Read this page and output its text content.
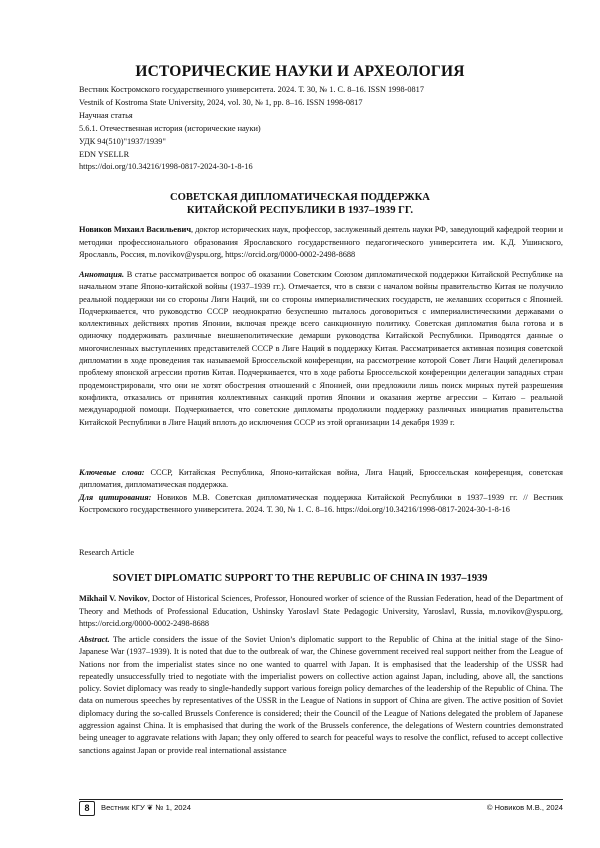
ИСТОРИЧЕСКИЕ НАУКИ И АРХЕОЛОГИЯ
Вестник Костромского государственного университета. 2024. Т. 30, № 1. С. 8–16. ISSN 1998-0817
Vestnik of Kostroma State University, 2024, vol. 30, № 1, pp. 8–16. ISSN 1998-0817
Научная статья
5.6.1. Отечественная история (исторические науки)
УДК 94(510)"1937/1939"
EDN YSELLR
https://doi.org/10.34216/1998-0817-2024-30-1-8-16
СОВЕТСКАЯ ДИПЛОМАТИЧЕСКАЯ ПОДДЕРЖКА
КИТАЙСКОЙ РЕСПУБЛИКИ В 1937–1939 ГГ.
Новиков Михаил Васильевич, доктор исторических наук, профессор, заслуженный деятель науки РФ, заведующий кафедрой теории и методики профессионального образования Ярославского государственного педагогического университета им. К.Д. Ушинского, Ярославль, Россия, m.novikov@yspu.org, https://orcid.org/0000-0002-2498-8688
Аннотация. В статье рассматривается вопрос об оказании Советским Союзом дипломатической поддержки Китайской Республике на начальном этапе Японо-китайской войны (1937–1939 гг.). Отмечается, что в связи с началом войны правительство Китая не получило реальной поддержки ни со стороны Лиги Наций, ни со стороны империалистических государств, не желавших ссориться с Японией. Подчеркивается, что руководство СССР неоднократно безуспешно пыталось договориться с империалистическими державами о коллективных действиях против Японии, включая прежде всего санкционную политику. Советская дипломатия была готова и в одиночку поддерживать различные внешнеполитические демарши руководства Китайской Республики. Приводятся данные о многочисленных выступлениях представителей СССР в Лиге Наций в поддержку Китая. Рассматривается активная позиция советской дипломатии в ходе проведения так называемой Брюссельской конференции, на рассмотрение которой Совет Лиги Наций делегировал проблему японской агрессии против Китая. Подчеркивается, что в ходе работы Брюссельской конференции делегации западных стран продемонстрировали, что они не хотят обострения отношений с Японией, они предложили лишь поиск мирных путей разрешения конфликта, отказались от принятия коллективных санкций против Японии и оказания жертве агрессии – Китаю – реальной международной помощи. Подчеркивается, что советские дипломаты продолжили поддержку различных инициатив правительства Китайской Республики в Лиге Наций вплоть до исключения СССР из этой организации 14 декабря 1939 г.
Ключевые слова: СССР, Китайская Республика, Японо-китайская война, Лига Наций, Брюссельская конференция, советская дипломатия, дипломатическая поддержка.
Для цитирования: Новиков М.В. Советская дипломатическая поддержка Китайской Республики в 1937–1939 гг. // Вестник Костромского государственного университета. 2024. Т. 30, № 1. С. 8–16. https://doi.org/10.34216/1998-0817-2024-30-1-8-16
Research Article
SOVIET DIPLOMATIC SUPPORT TO THE REPUBLIC OF CHINA IN 1937–1939
Mikhail V. Novikov, Doctor of Historical Sciences, Professor, Honoured worker of science of the Russian Federation, head of the Department of Theory and Methods of Professional Education, Ushinsky Yaroslavl State Pedagogic University, Yaroslavl, Russia, m.novikov@yspu.org, https://orcid.org/0000-0002-2498-8688
Abstract. The article considers the issue of the Soviet Union’s diplomatic support to the Republic of China at the initial stage of the Sino-Japanese War (1937–1939). It is noted that due to the outbreak of war, the Chinese government received real support neither from the League of Nations nor from the imperialist states since no one wanted to quarrel with Japan. It is emphasised that the leadership of the USSR had repeatedly unsuccessfully tried to negotiate with the imperialist powers on collective action against Japan, including, above all, the sanctions policy. Soviet diplomacy was ready to single-handedly support various foreign policy demarches of the leadership of the Republic of China. The data on numerous speeches by representatives of the USSR in the League of Nations in support of China are given. The active position of Soviet diplomacy during the so-called Brussels Conference is considered; their the Council of the League of Nations delegated the problem of Japanese aggression against China. It is emphasised that during the work of the Brussels conference, the delegations of Western countries demonstrated being uneager to aggravate relations with Japan; they only offered to search for peaceful ways to resolve the conflict, refused to accept collective sanctions against Japan or provide real international assistance
8	Вестник КГУ ❦ № 1, 2024	© Новиков М.В., 2024
